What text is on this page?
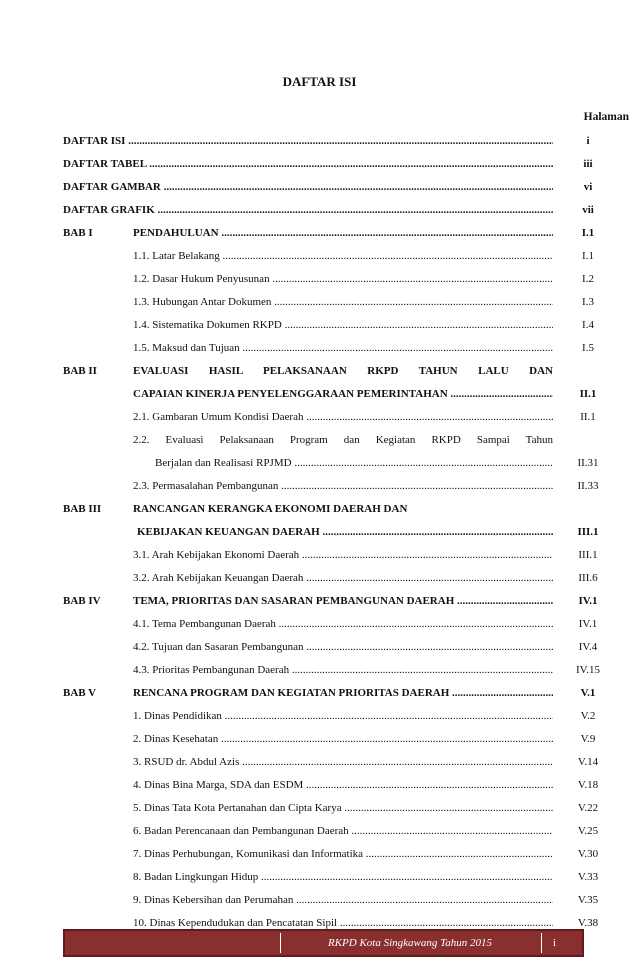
DAFTAR ISI
Halaman
DAFTAR ISI .....	i
DAFTAR TABEL .....	iii
DAFTAR GAMBAR .....	vi
DAFTAR GRAFIK .....	vii
BAB I	PENDAHULUAN .....	I.1
1.1. Latar Belakang .....	I.1
1.2. Dasar Hukum Penyusunan .....	I.2
1.3. Hubungan Antar Dokumen .....	I.3
1.4. Sistematika Dokumen RKPD .....	I.4
1.5. Maksud dan Tujuan .....	I.5
BAB II	EVALUASI HASIL PELAKSANAAN RKPD TAHUN LALU DAN
CAPAIAN KINERJA PENYELENGGARAAN PEMERINTAHAN .....	II.1
2.1. Gambaran Umum Kondisi Daerah .....	II.1
2.2. Evaluasi Pelaksanaan Program dan Kegiatan RKPD Sampai Tahun
Berjalan dan Realisasi RPJMD .....	II.31
2.3. Permasalahan Pembangunan .....	II.33
BAB III	RANCANGAN KERANGKA EKONOMI DAERAH DAN
KEBIJAKAN KEUANGAN DAERAH .....	III.1
3.1. Arah Kebijakan Ekonomi Daerah .....	III.1
3.2. Arah Kebijakan Keuangan Daerah .....	III.6
BAB IV	TEMA, PRIORITAS DAN SASARAN PEMBANGUNAN DAERAH .....	IV.1
4.1. Tema Pembangunan Daerah .....	IV.1
4.2. Tujuan dan Sasaran Pembangunan .....	IV.4
4.3. Prioritas Pembangunan Daerah .....	IV.15
BAB V	RENCANA PROGRAM DAN KEGIATAN PRIORITAS DAERAH .....	V.1
1. Dinas Pendidikan .....	V.2
2. Dinas Kesehatan .....	V.9
3. RSUD dr. Abdul Azis .....	V.14
4. Dinas Bina Marga, SDA dan ESDM .....	V.18
5. Dinas Tata Kota Pertanahan dan Cipta Karya .....	V.22
6. Badan Perencanaan dan Pembangunan Daerah .....	V.25
7. Dinas Perhubungan, Komunikasi dan Informatika .....	V.30
8. Badan Lingkungan Hidup .....	V.33
9. Dinas Kebersihan dan Perumahan .....	V.35
10. Dinas Kependudukan dan Pencatatan Sipil .....	V.38
RKPD Kota Singkawang Tahun 2015	i
